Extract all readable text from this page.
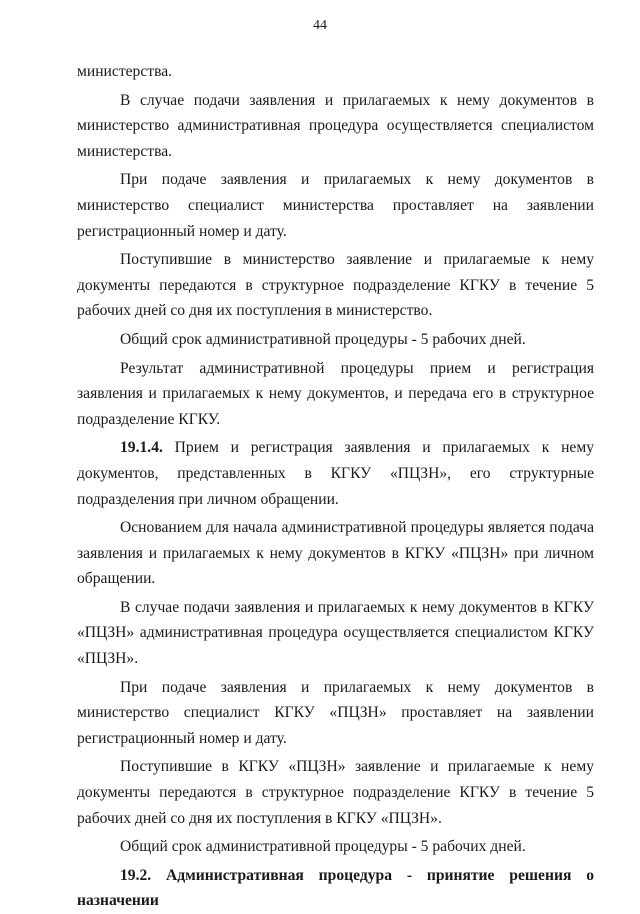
44

министерства.

В случае подачи заявления и прилагаемых к нему документов в министерство административная процедура осуществляется специалистом министерства.

При подаче заявления и прилагаемых к нему документов в министерство специалист министерства проставляет на заявлении регистрационный номер и дату.

Поступившие в министерство заявление и прилагаемые к нему документы передаются в структурное подразделение КГКУ в течение 5 рабочих дней со дня их поступления в министерство.

Общий срок административной процедуры - 5 рабочих дней.

Результат административной процедуры прием и регистрация заявления и прилагаемых к нему документов, и передача его в структурное подразделение КГКУ.

19.1.4. Прием и регистрация заявления и прилагаемых к нему документов, представленных в КГКУ «ПЦЗН», его структурные подразделения при личном обращении.

Основанием для начала административной процедуры является подача заявления и прилагаемых к нему документов в КГКУ «ПЦЗН» при личном обращении.

В случае подачи заявления и прилагаемых к нему документов в КГКУ «ПЦЗН» административная процедура осуществляется специалистом КГКУ «ПЦЗН».

При подаче заявления и прилагаемых к нему документов в министерство специалист КГКУ «ПЦЗН» проставляет на заявлении регистрационный номер и дату.

Поступившие в КГКУ «ПЦЗН» заявление и прилагаемые к нему документы передаются в структурное подразделение КГКУ в течение 5 рабочих дней со дня их поступления в КГКУ «ПЦЗН».

Общий срок административной процедуры - 5 рабочих дней.

19.2. Административная процедура - принятие решения о назначении
